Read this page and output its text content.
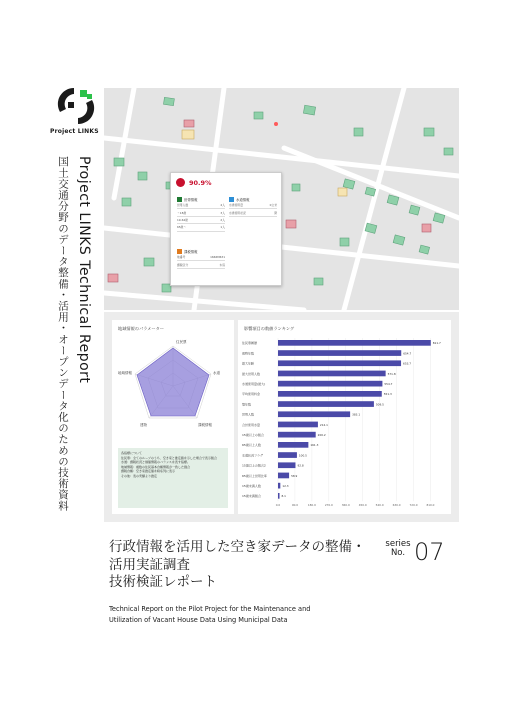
Project LINKS
Project LINKS Technical Report
国土交通分野のデータ整備・活用・オープンデータ化のための技術資料	90.9%
世帯情報
世帯人数	4人
〜18歳	3人
19-64歳	2人
65歳〜	1人
水道情報
水道使用量	0立米
水道使用状況	閉
課税情報
地番号	1666M631
課税区分	木造
地域情報のパラメーター
住民票
水道
課税情報
建物
地域情報
各指標について
住民票：全てのループのうち、空き家と推定値を示した場合で表示割合
水道：課税状況と価値情報のバランスを表す指標。
地域情報：複数の住民基本台帳情報が一致した割合
課税台帳：空き家推定値を時系列に表示
その他：表の実績より推定
影響項目の数値ランキング
0.0	90.0	180.0	270.0	360.0	450.0	540.0	630.0	720.0	810.0
住民票履歴	811.7
建物年数	654.7
最大年齢	653.7
最大世帯人数	571.8
水道使用量(最大)	554.7
平均使用料金	551.3
築年数	509.5
世帯人数	383.1
合計使用水量	212.1
15歳以上の割合	200.2
65歳以上人数	161.3
水道状況フラグ	100.5
15歳以上の割合2	92.8
65歳以上世帯比率	58.9
15歳未満人数	12.3
15歳未満割合	8.1
行政情報を活用した空き家データの整備・
活用実証調査
技術検証レポート
series
No. 07
Technical Report on the Pilot Project for the Maintenance and
Utilization of Vacant House Data Using Municipal Data
